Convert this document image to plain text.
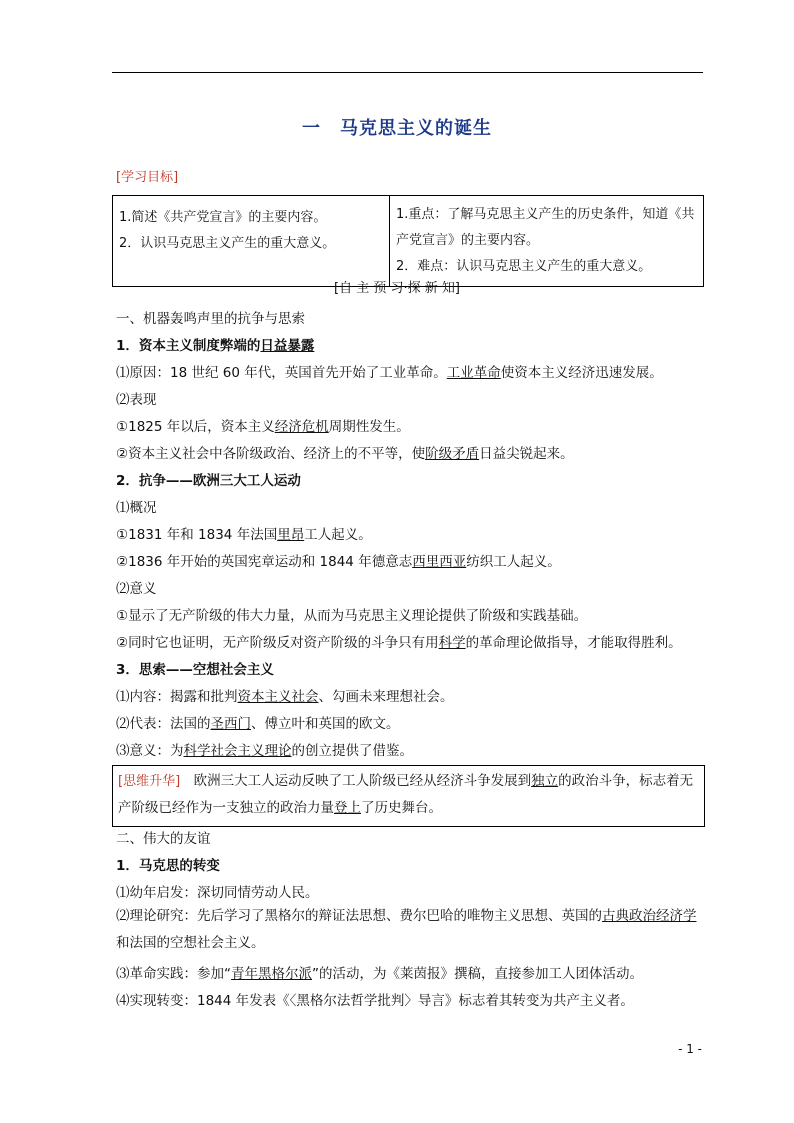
一　马克思主义的诞生
[学习目标]
1.简述《共产党宣言》的主要内容。
2．认识马克思主义产生的重大意义。

1.重点：了解马克思主义产生的历史条件，知道《共
产党宣言》的主要内容。
2．难点：认识马克思主义产生的重大意义。
[自 主 预 习·探 新 知]
一、机器轰鸣声里的抗争与思索
1．资本主义制度弊端的日益暴露
⑴原因：18 世纪 60 年代，英国首先开始了工业革命。工业革命使资本主义经济迅速发展。
⑵表现
①1825 年以后，资本主义经济危机周期性发生。
②资本主义社会中各阶级政治、经济上的不平等，使阶级矛盾日益尖锐起来。
2．抗争——欧洲三大工人运动
⑴概况
①1831 年和 1834 年法国里昂工人起义。
②1836 年开始的英国宪章运动和 1844 年德意志西里西亚纺织工人起义。
⑵意义
①显示了无产阶级的伟大力量，从而为马克思主义理论提供了阶级和实践基础。
②同时它也证明，无产阶级反对资产阶级的斗争只有用科学的革命理论做指导，才能取得胜利。
3．思索——空想社会主义
⑴内容：揭露和批判资本主义社会、勾画未来理想社会。
⑵代表：法国的圣西门、傅立叶和英国的欧文。
⑶意义：为科学社会主义理论的创立提供了借鉴。
[思维升华]　欧洲三大工人运动反映了工人阶级已经从经济斗争发展到独立的政治斗争，标志着无产阶级已经作为一支独立的政治力量登上了历史舞台。
二、伟大的友谊
1．马克思的转变
⑴幼年启发：深切同情劳动人民。
⑵理论研究：先后学习了黑格尔的辩证法思想、费尔巴哈的唯物主义思想、英国的古典政治经济学和法国的空想社会主义。
⑶革命实践：参加“青年黑格尔派”的活动，为《莱茵报》撰稿，直接参加工人团体活动。
⑷实现转变：1844 年发表《〈黑格尔法哲学批判〉导言》标志着其转变为共产主义者。
- 1 -
